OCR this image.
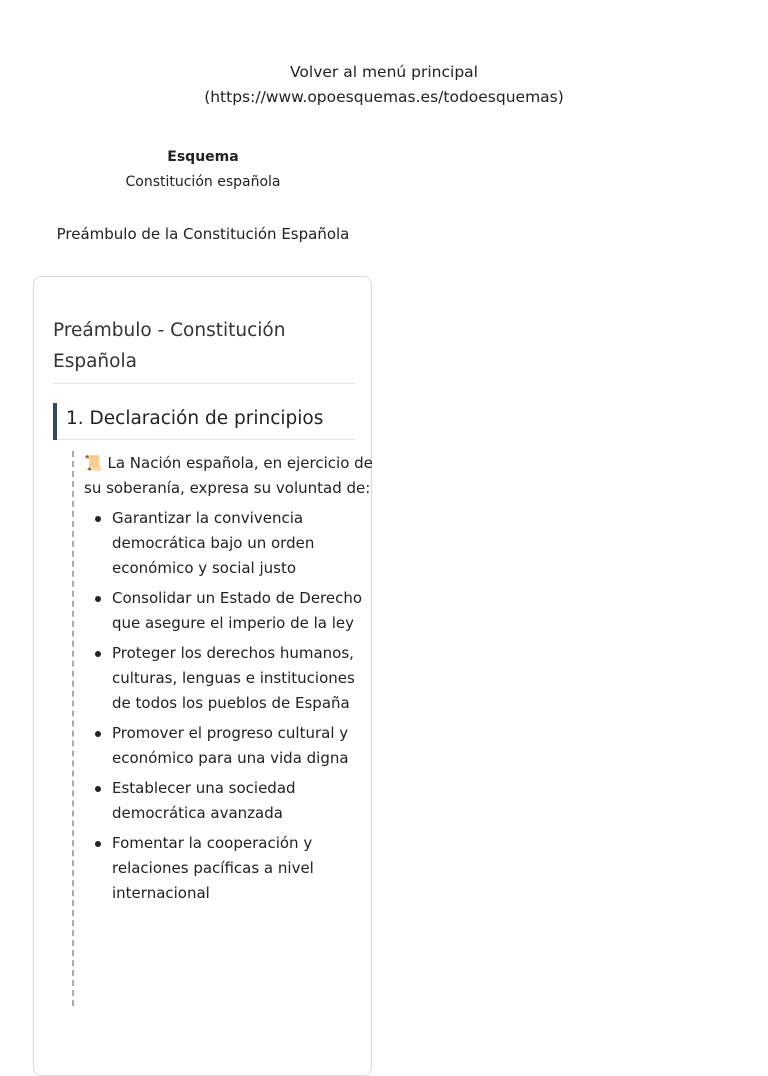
Volver al menú principal
(https://www.opoesquemas.es/todoesquemas)
Esquema
Constitución española
Preámbulo de la Constitución Española
Preámbulo - Constitución Española
1. Declaración de principios
📜 La Nación española, en ejercicio de su soberanía, expresa su voluntad de:
Garantizar la convivencia democrática bajo un orden económico y social justo
Consolidar un Estado de Derecho que asegure el imperio de la ley
Proteger los derechos humanos, culturas, lenguas e instituciones de todos los pueblos de España
Promover el progreso cultural y económico para una vida digna
Establecer una sociedad democrática avanzada
Fomentar la cooperación y relaciones pacíficas a nivel internacional
